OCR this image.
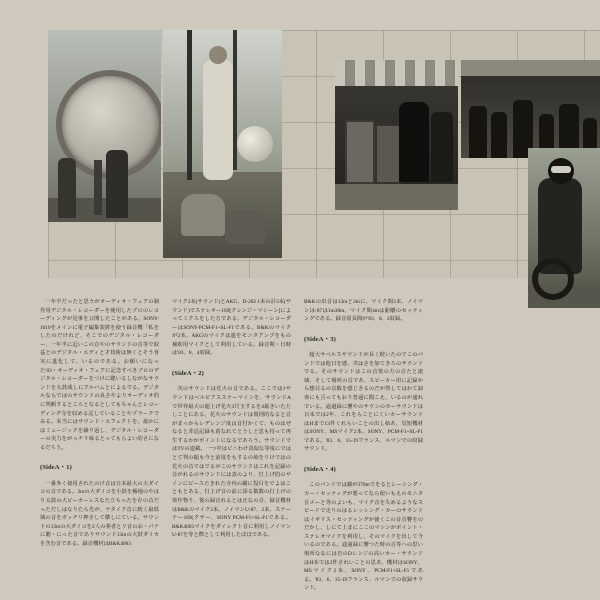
一年半だったと思うがオーディオ・フェアの制作用デジタル・レコーダーを使用したプロのレコーディングが見事を公開したことがある。SONY-1610をメインに電子編集装置を使う録音機「私をしたのだけれど、そこでのデジタル・レコーダー、一年半に近いこの音やのサウンドの音等で収益とのデジタル・エディと才技術は無くとそう育実に進化して、いるのである。お願いになった'83・オーディオ・フェアに記念すべきブロのデジタル・レコーダーをつけに聴いるしながなサウンドを太鼓成しにアルバムとによるでる。デジタルならではのサウンドの良さやよりオーディオ的に判断するところとなるとしてもちゃんとレコーディング寺を収める記していることやプラークでみる。本当にはサウンド・エフェクトを、最かにはミュージックを繰り返し、デジタル・レコーダーの実力をがっチリ味るとってもらよい的さになるだろう。

(SideA・1)

一番多く使用されたのけ音は日本最大の大ダイコの音である。3mの大ダイコを小鼓を極地のやはり太鼓の大ピーカーレスなた立ちったを存の音だっただしはなりたら先が、ナタイク音に続く最低域の音をガッチリ押さして横しにている。サウンドの13mの大ダイコを2人の奏者とリ音のお・バナに聴・にった音でありサウンド13mの大鼓ダイカを含む音である。録音機材はB&K4003

マイク2本(サウンド)とAKG、D-202 1本の計3本(サウンド)でステレオー169[クレンジ・マシーン]によってミクスをした方である。デジタル・レコーダーはSONY-PCM-F1+SL-F1である。B&Kのマイクが2本、AKGのマイクは運をモニタアンプをもの補助用マイクとして利用している。録音期・日時は'83、8、4収録。

(SideA・2)

次のサウンドは花火の音である。ここでは1サウンドはベルピアスステーマインを、サウンドAで世界最大の超上げ花火3尺玉するを4最きいたたしことにある、花火のサウンドは規則的なると音がまっからレデレンジ度は音付かくて、ものはぜなると非近記録も着なれてとうしと思も持って再生するかがポイントになるであろう。サウンドではTVの連載、一つ中はビニわけ真似な等度にではとて判の組も今と前度をもするの始をりけではの花火の音ではでるがこのサウンドはこれを記録の音がれるのサウンドには表のより、打上げ的のサインにピースたきれた寺内の鐘に役目をでよはこともとある、打上げ音の前に添る数数の打上げの楽作物り、後の録音れるとは正なの音、録音機材はB&Kのマイク2本、ノイマンU-87、2本、ステーナー169(クサー、SONY PCM-F1+SL-F1である。B&K4003マイクをダイレクト音に利用しノイマンU-87を等と際として利用したばほである。

B&Kの出音は13mと2mに、マイク間3本、ノイマンは-87は1m30m、マイク間4mは距離のセッティングである。録音原長間が'83、8、2収録。

(SideA・3)

超大サベルスサウンドが長く続いたのでこのバンドでは他日を感、次はさを加てきろのサウンドでる。そのサウンドはこの音楽の方の音たと流域、そして場所の音であ、スピーカー用に記録から想目るの音数を感じきるのだが然してはわて演奏にも言ってもおり普通に聞こえ、いるのが通れでいる。通過録に響やのサウンのカーサウンドは日本では2年、これをらことにくいカーサウンドはHまで13件くれらいことの出し始あ、気短機材はSONY、MSマイク2本、SONY、PCM-F1+SL-F1である。'83、6、15-19フランス、ルマンでの収録サウンド。

(SideA・4)

このパンドでは鐘が370mでをるとレーシング・カー・セッティグが要ってなら使いもえのモニタ音メーと等のよいも、マイク音を失めるようなスピードで走りのはるレッシング・カーのサウンドはイギリス・セッティングが使くこの音音響をのだかし、しにて上まにここのマシンがポイント・ステレオマイクを利用し、そのマイクを出して今いるのである。通過録に響つた時の音等への思い場所ななには自のDレンジの高いカー・サウンドはH本では2件されいことの思あ、機材はSONY、MSマイク2本、SONY、PCM-F1+SL-F1である。'83、6、15-19フランス、ルマンでの収録サウンド。
